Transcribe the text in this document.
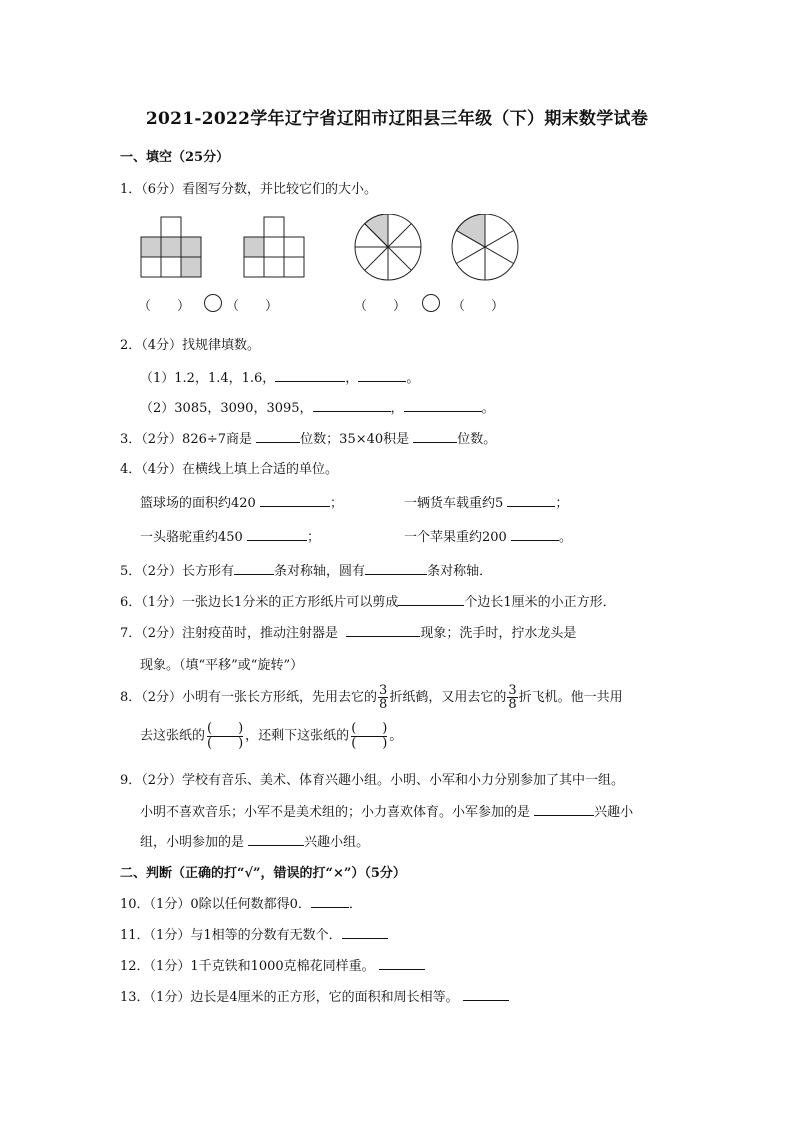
2021-2022学年辽宁省辽阳市辽阳县三年级（下）期末数学试卷
一、填空（25分）
1．（6分）看图写分数，并比较它们的大小。
（　　）	（　　）	（　　）	（　　）
2．（4分）找规律填数。
（1）1.2，1.4，1.6，	，	。
（2）3085，3090，3095，	，	。
3．（2分）826÷7商是	位数；35×40积是	位数。
4．（4分）在横线上填上合适的单位。
篮球场的面积约420	；	一辆货车载重约5	；
一头骆驼重约450	；	一个苹果重约200	。
5．（2分）长方形有	条对称轴，圆有	条对称轴．
6．（1分）一张边长1分米的正方形纸片可以剪成	个边长1厘米的小正方形．
7．（2分）注射疫苗时，推动注射器是	现象；洗手时，拧水龙头是
现象。（填“平移”或“旋转”）
8．（2分）小明有一张长方形纸，先用去它的 $\frac{3}{8}$ 折纸鹤，又用去它的 $\frac{3}{8}$ 折飞机。他一共用
去这张纸的
(　　)
(　　) ，还剩下这张纸的
(　　)
(　　) 。
9．（2分）学校有音乐、美术、体育兴趣小组。小明、小军和小力分别参加了其中一组。
小明不喜欢音乐；小军不是美术组的；小力喜欢体育。小军参加的是	兴趣小
组，小明参加的是	兴趣小组。
二、判断（正确的打“√”，错误的打“×”）（5分）
10．（1分）0除以任何数都得0．	．
11．（1分）与1相等的分数有无数个．
12．（1分）1千克铁和1000克棉花同样重。
13．（1分）边长是4厘米的正方形，它的面积和周长相等。
